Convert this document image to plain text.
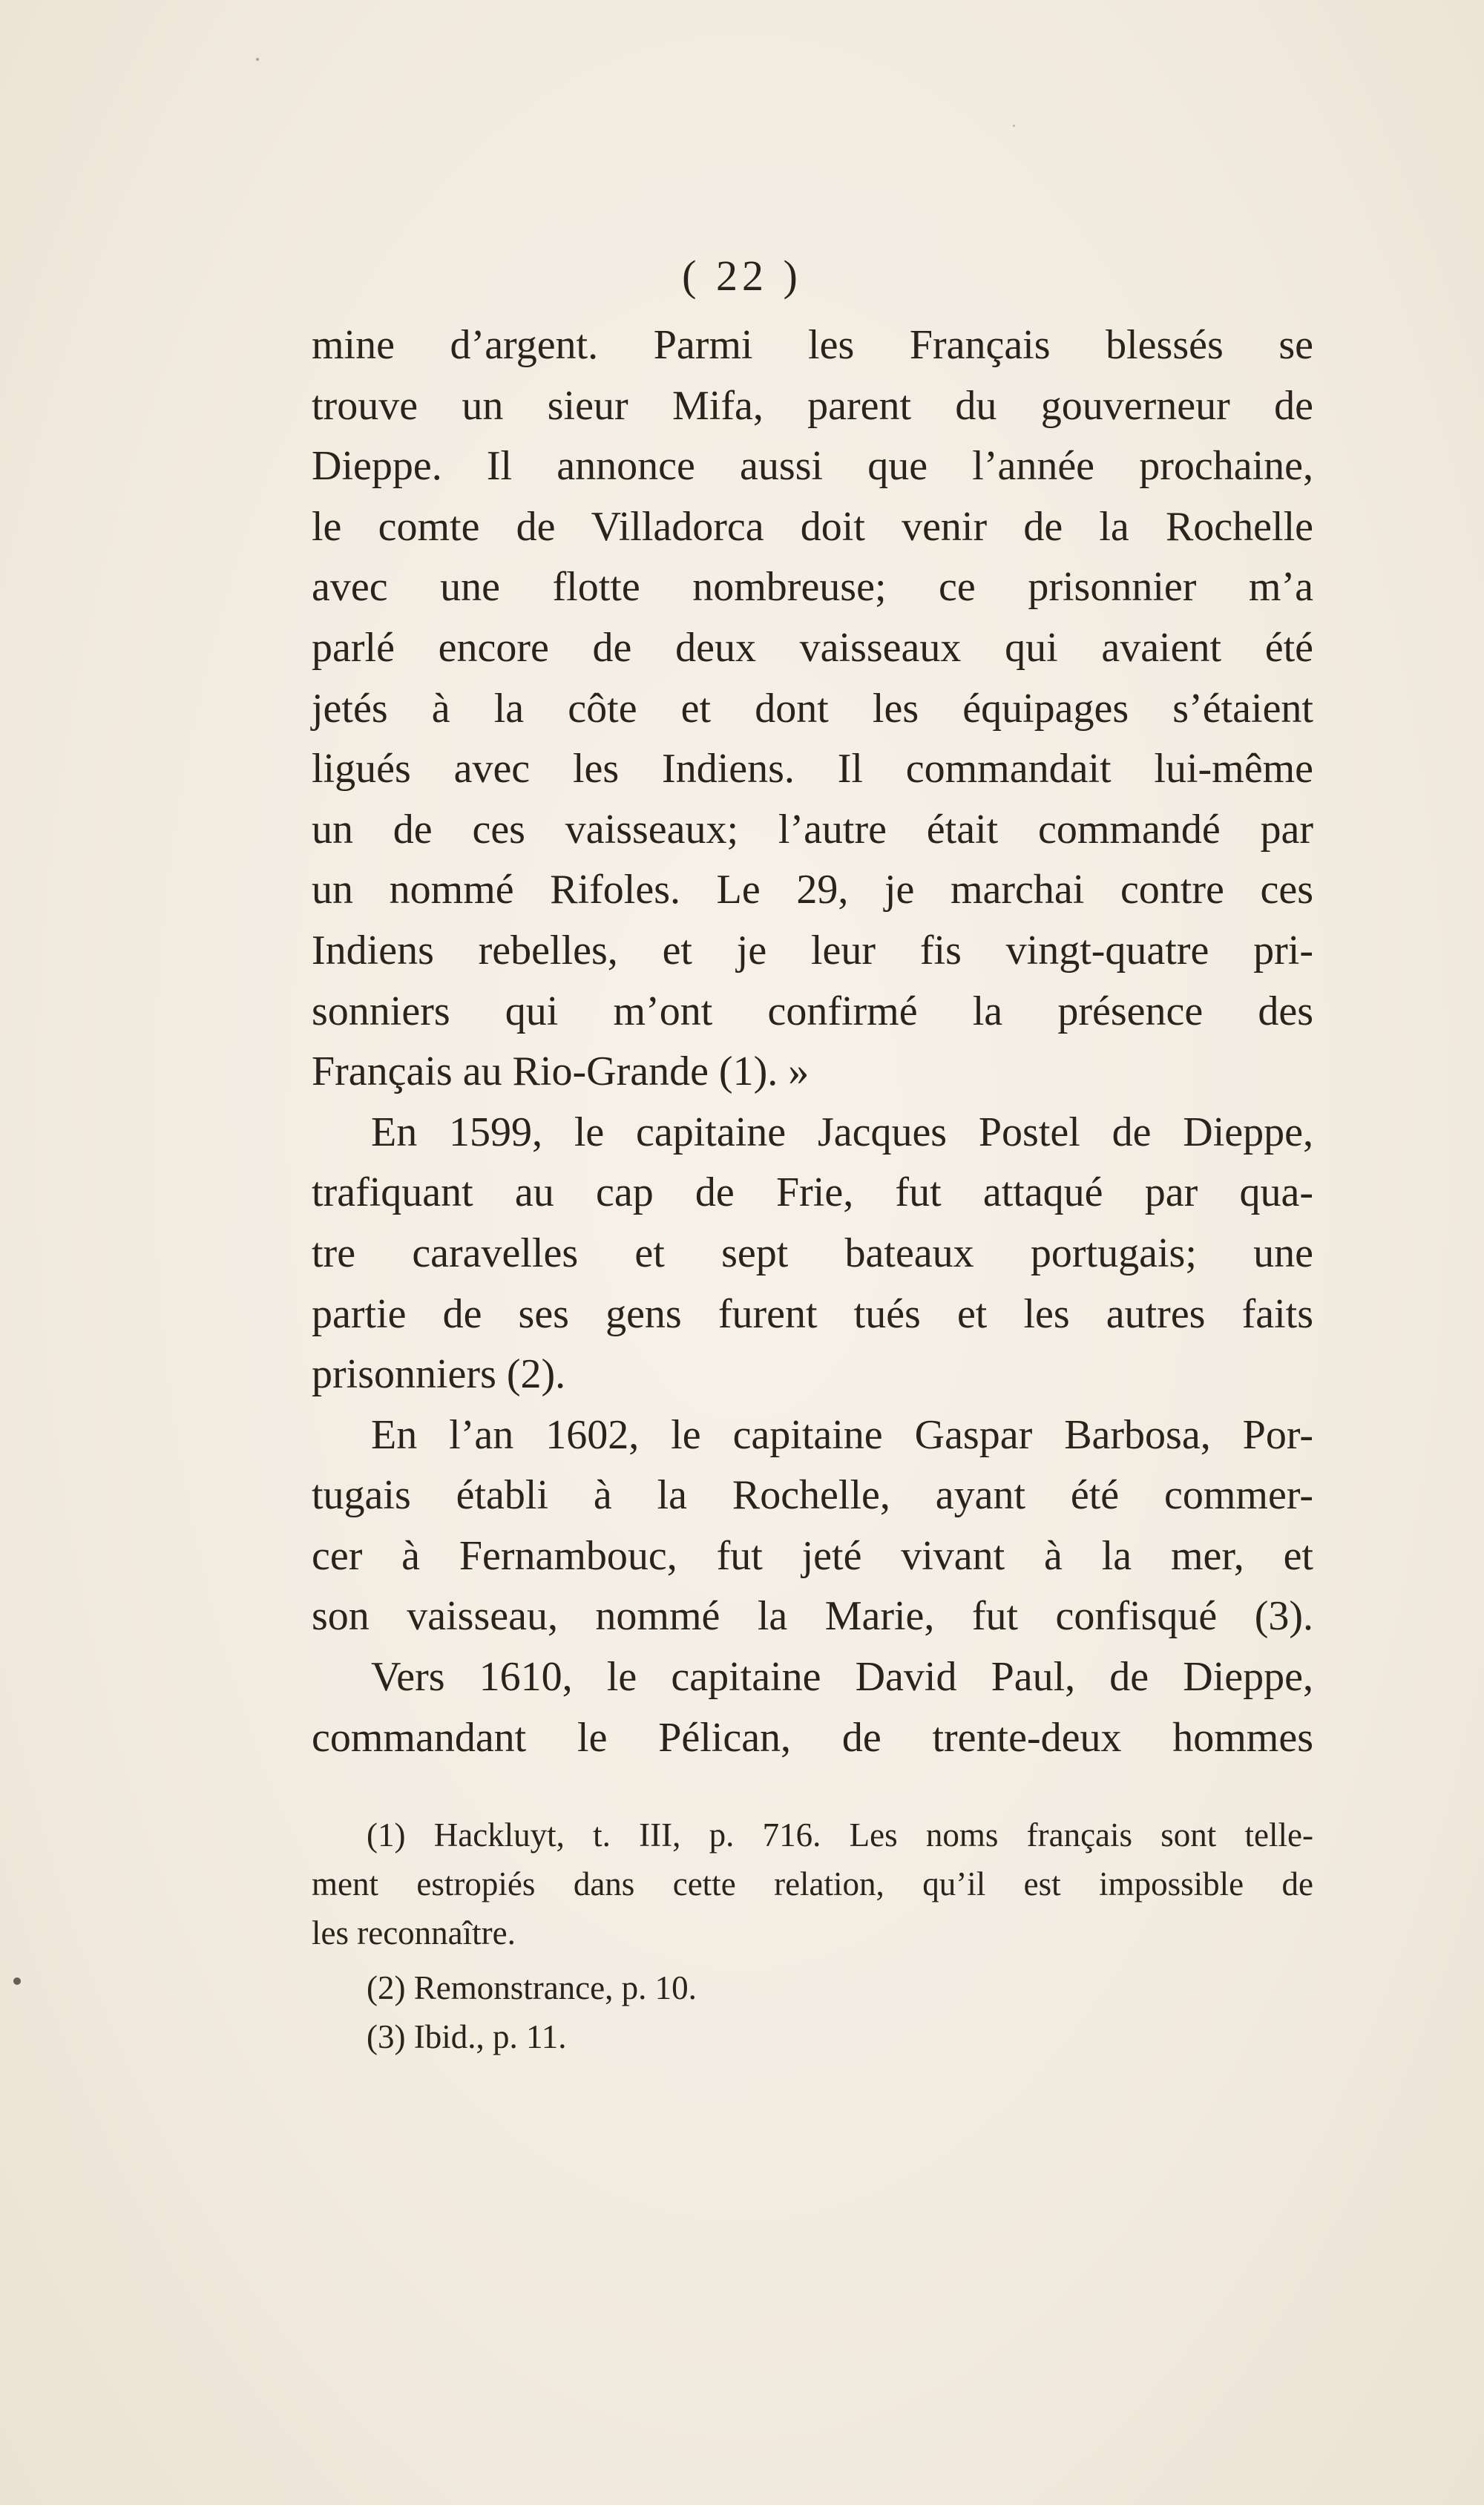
( 22 )
mine d’argent. Parmi les Français blessés se
trouve un sieur Mifa, parent du gouverneur de
Dieppe. Il annonce aussi que l’année prochaine,
le comte de Villadorca doit venir de la Rochelle
avec une flotte nombreuse; ce prisonnier m’a
parlé encore de deux vaisseaux qui avaient été
jetés à la côte et dont les équipages s’étaient
ligués avec les Indiens. Il commandait lui-même
un de ces vaisseaux; l’autre était commandé par
un nommé Rifoles. Le 29, je marchai contre ces
Indiens rebelles, et je leur fis vingt-quatre pri-
sonniers qui m’ont confirmé la présence des
Français au Rio-Grande (1). »
En 1599, le capitaine Jacques Postel de Dieppe,
trafiquant au cap de Frie, fut attaqué par qua-
tre caravelles et sept bateaux portugais; une
partie de ses gens furent tués et les autres faits
prisonniers (2).
En l’an 1602, le capitaine Gaspar Barbosa, Por-
tugais établi à la Rochelle, ayant été commer-
cer à Fernambouc, fut jeté vivant à la mer, et
son vaisseau, nommé la Marie, fut confisqué (3).
Vers 1610, le capitaine David Paul, de Dieppe,
commandant le Pélican, de trente-deux hommes
(1) Hackluyt, t. III, p. 716. Les noms français sont telle-
ment estropiés dans cette relation, qu’il est impossible de
les reconnaître.
(2) Remonstrance, p. 10.
(3) Ibid., p. 11.
